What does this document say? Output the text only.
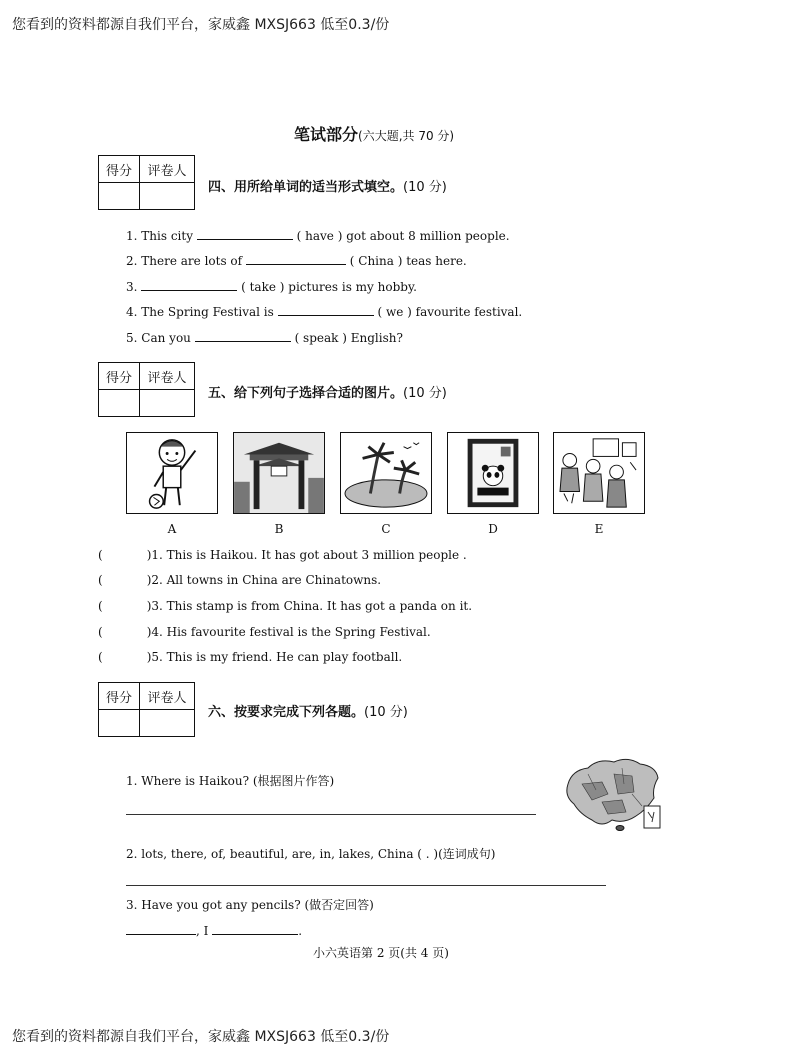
您看到的资料都源自我们平台，家威鑫 MXSJ663 低至0.3/份
笔试部分(六大题,共 70 分)
得分	评卷人

四、用所给单词的适当形式填空。(10 分)
1. This city	( have ) got about 8 million people.
2. There are lots of	( China ) teas here.
3.	( take ) pictures is my hobby.
4. The Spring Festival is	( we ) favourite festival.
5. Can you	( speak ) English?
得分	评卷人

五、给下列句子选择合适的图片。(10 分)
A	B	C	D	E
(	)1. This is Haikou. It has got about 3 million people .
(	)2. All towns in China are Chinatowns.
(	)3. This stamp is from China. It has got a panda on it.
(	)4. His favourite festival is the Spring Festival.
(	)5. This is my friend. He can play football.
得分	评卷人

六、按要求完成下列各题。(10 分)
1. Where is Haikou? (根据图片作答)
2. lots, there, of, beautiful, are, in, lakes, China ( . )(连词成句)
3. Have you got any pencils? (做否定回答)
, I	.
小六英语第 2 页(共 4 页)
您看到的资料都源自我们平台，家威鑫 MXSJ663 低至0.3/份
